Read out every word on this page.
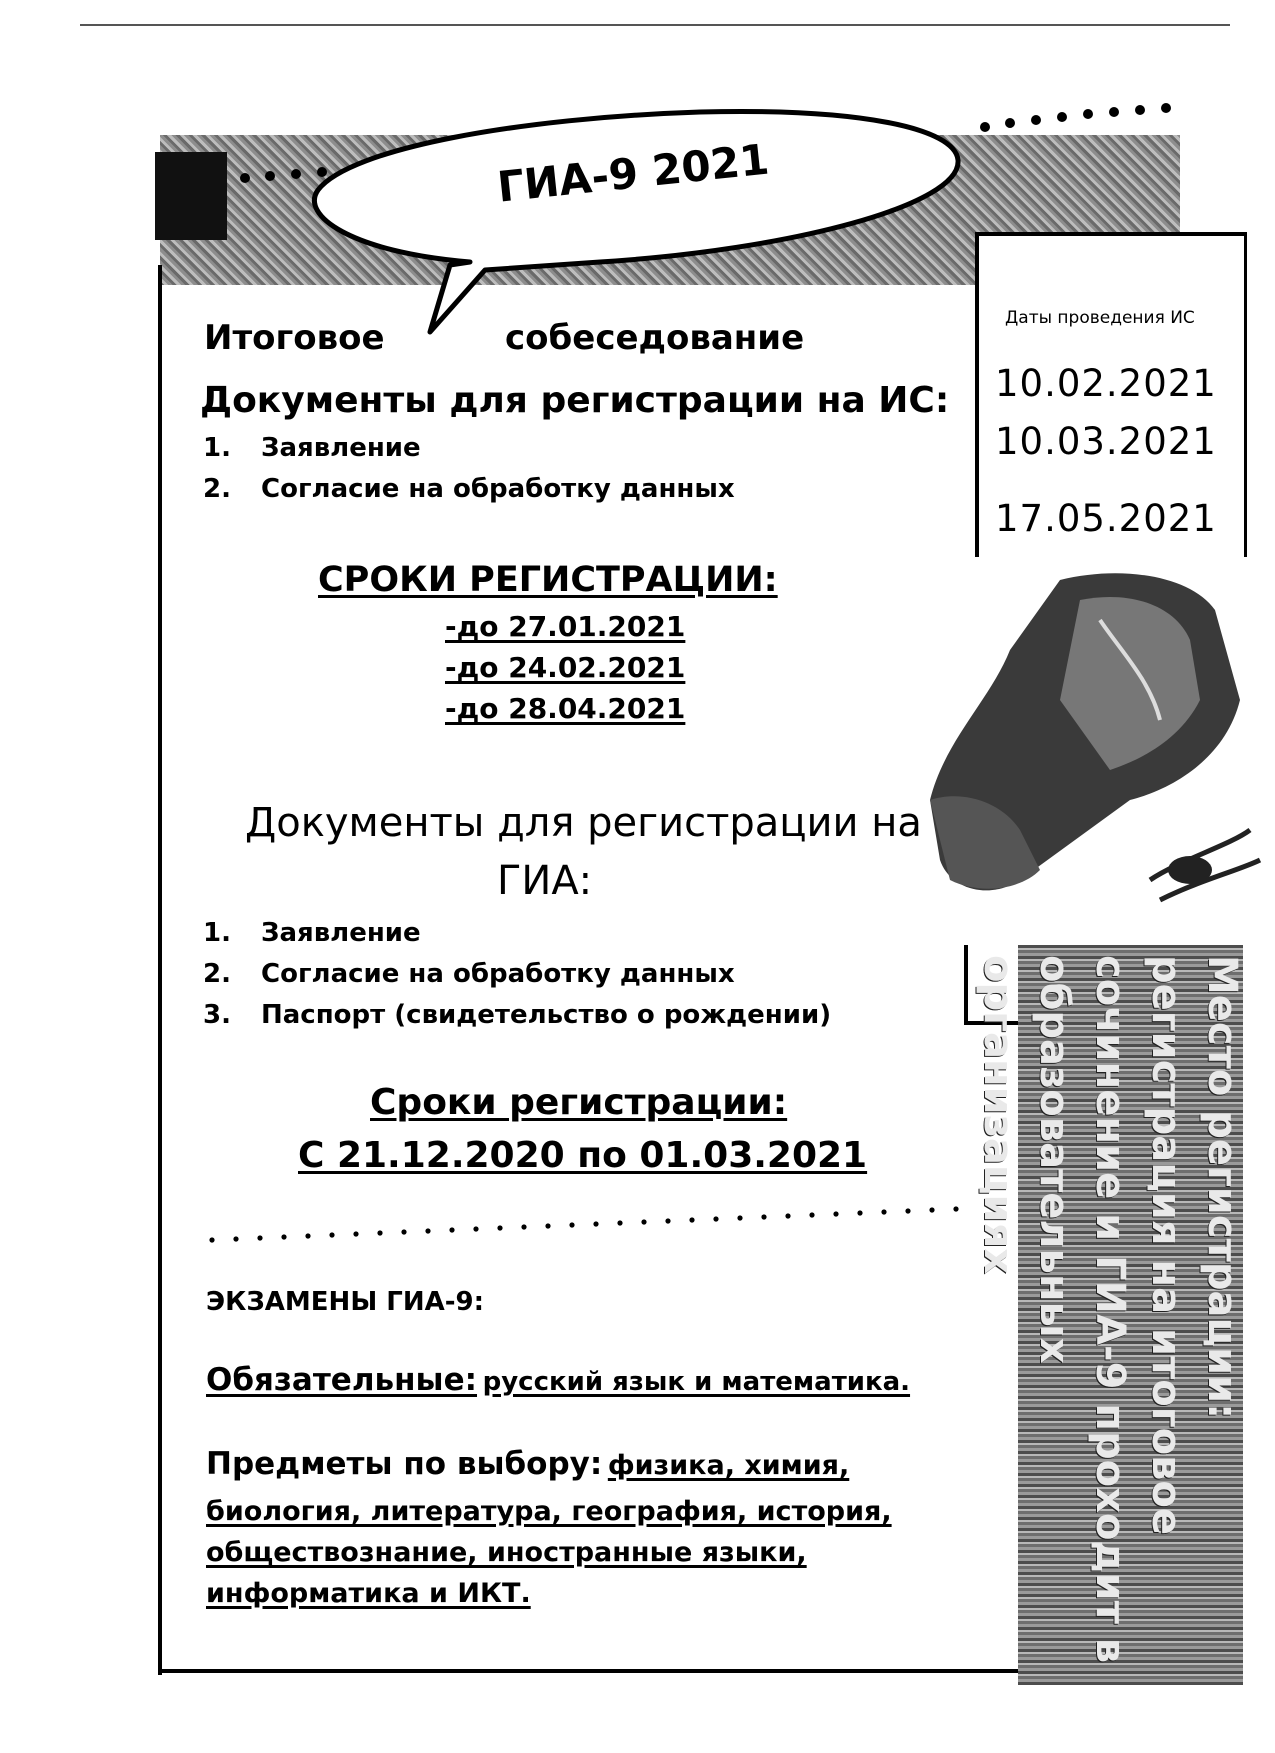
ГИА-9 2021
Даты проведения ИС
10.02.2021
10.03.2021
17.05.2021
Итоговое	собеседование
Документы для регистрации на ИС:
1. Заявление
2. Согласие на обработку данных
СРОКИ РЕГИСТРАЦИИ:
-до 27.01.2021
-до 24.02.2021
-до 28.04.2021
Документы для регистрации на
ГИА:
1. Заявление
2. Согласие на обработку данных
3. Паспорт (свидетельство о рождении)
Сроки регистрации:
С 21.12.2020 по 01.03.2021	Место регистрации: регистрация на итоговое сочинение и ГИА-9 проходит в образовательных организациях
ЭКЗАМЕНЫ ГИА-9:
Обязательные: русский язык и математика.
Предметы по выбору: физика, химия,
биология, литература, география, история,
обществознание, иностранные языки,
информатика и ИКТ.
